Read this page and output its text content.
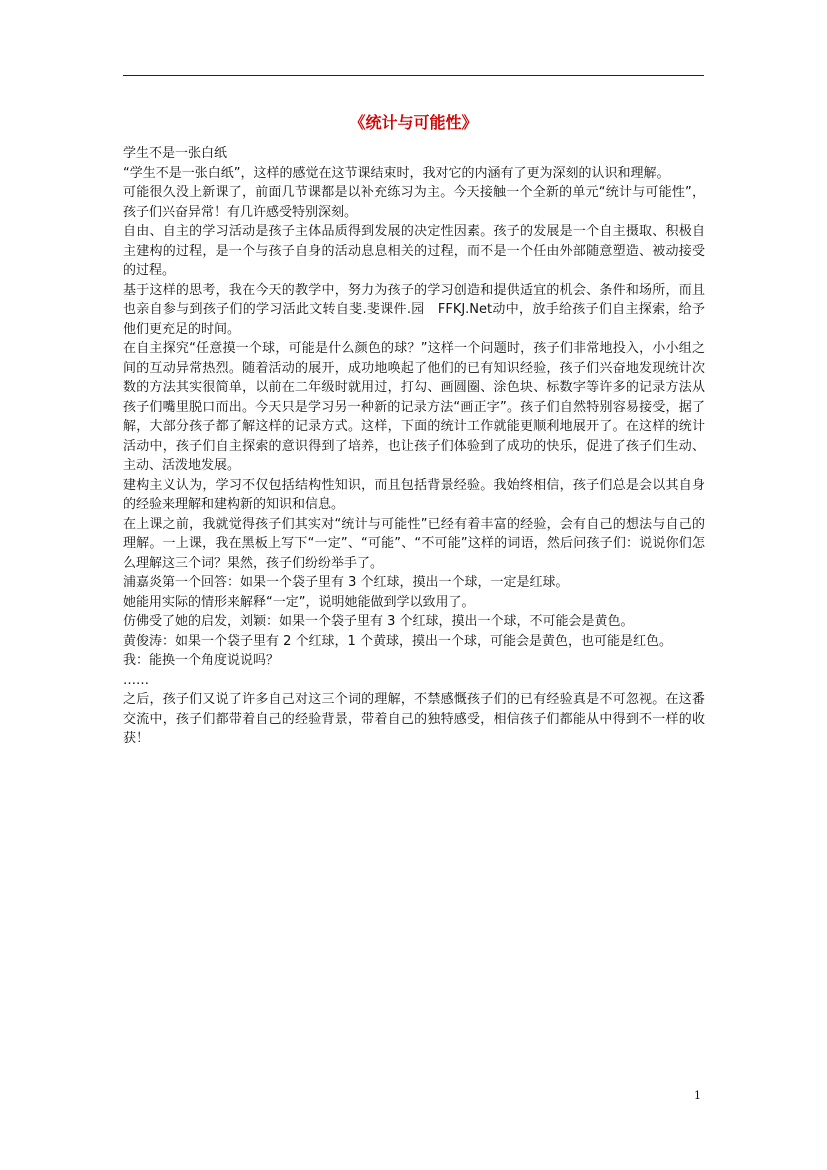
《统计与可能性》

学生不是一张白纸

“学生不是一张白纸”，这样的感觉在这节课结束时，我对它的内涵有了更为深刻的认识和理解。

可能很久没上新课了，前面几节课都是以补充练习为主。今天接触一个全新的单元“统计与可能性”，孩子们兴奋异常！有几许感受特别深刻。

自由、自主的学习活动是孩子主体品质得到发展的决定性因素。孩子的发展是一个自主摄取、积极自主建构的过程，是一个与孩子自身的活动息息相关的过程，而不是一个任由外部随意塑造、被动接受的过程。

基于这样的思考，我在今天的教学中，努力为孩子的学习创造和提供适宜的机会、条件和场所，而且也亲自参与到孩子们的学习活此文转自斐.斐课件.园　FFKJ.Net动中，放手给孩子们自主探索，给予他们更充足的时间。

在自主探究“任意摸一个球，可能是什么颜色的球？”这样一个问题时，孩子们非常地投入，小小组之间的互动异常热烈。随着活动的展开，成功地唤起了他们的已有知识经验，孩子们兴奋地发现统计次数的方法其实很简单，以前在二年级时就用过，打勾、画圆圈、涂色块、标数字等许多的记录方法从孩子们嘴里脱口而出。今天只是学习另一种新的记录方法“画正字”。孩子们自然特别容易接受，据了解，大部分孩子都了解这样的记录方式。这样，下面的统计工作就能更顺利地展开了。在这样的统计活动中，孩子们自主探索的意识得到了培养，也让孩子们体验到了成功的快乐，促进了孩子们生动、主动、活泼地发展。

建构主义认为，学习不仅包括结构性知识，而且包括背景经验。我始终相信，孩子们总是会以其自身的经验来理解和建构新的知识和信息。

在上课之前，我就觉得孩子们其实对“统计与可能性”已经有着丰富的经验，会有自己的想法与自己的理解。一上课，我在黑板上写下“一定”、“可能”、“不可能”这样的词语，然后问孩子们：说说你们怎么理解这三个词？果然，孩子们纷纷举手了。

浦嘉炎第一个回答：如果一个袋子里有 3 个红球，摸出一个球，一定是红球。

她能用实际的情形来解释“一定”，说明她能做到学以致用了。

仿佛受了她的启发，刘颖：如果一个袋子里有 3 个红球，摸出一个球，不可能会是黄色。

黄俊涛：如果一个袋子里有 2 个红球，1 个黄球，摸出一个球，可能会是黄色，也可能是红色。

我：能换一个角度说说吗？

……

之后，孩子们又说了许多自己对这三个词的理解，不禁感慨孩子们的已有经验真是不可忽视。在这番交流中，孩子们都带着自己的经验背景，带着自己的独特感受，相信孩子们都能从中得到不一样的收获！

1
